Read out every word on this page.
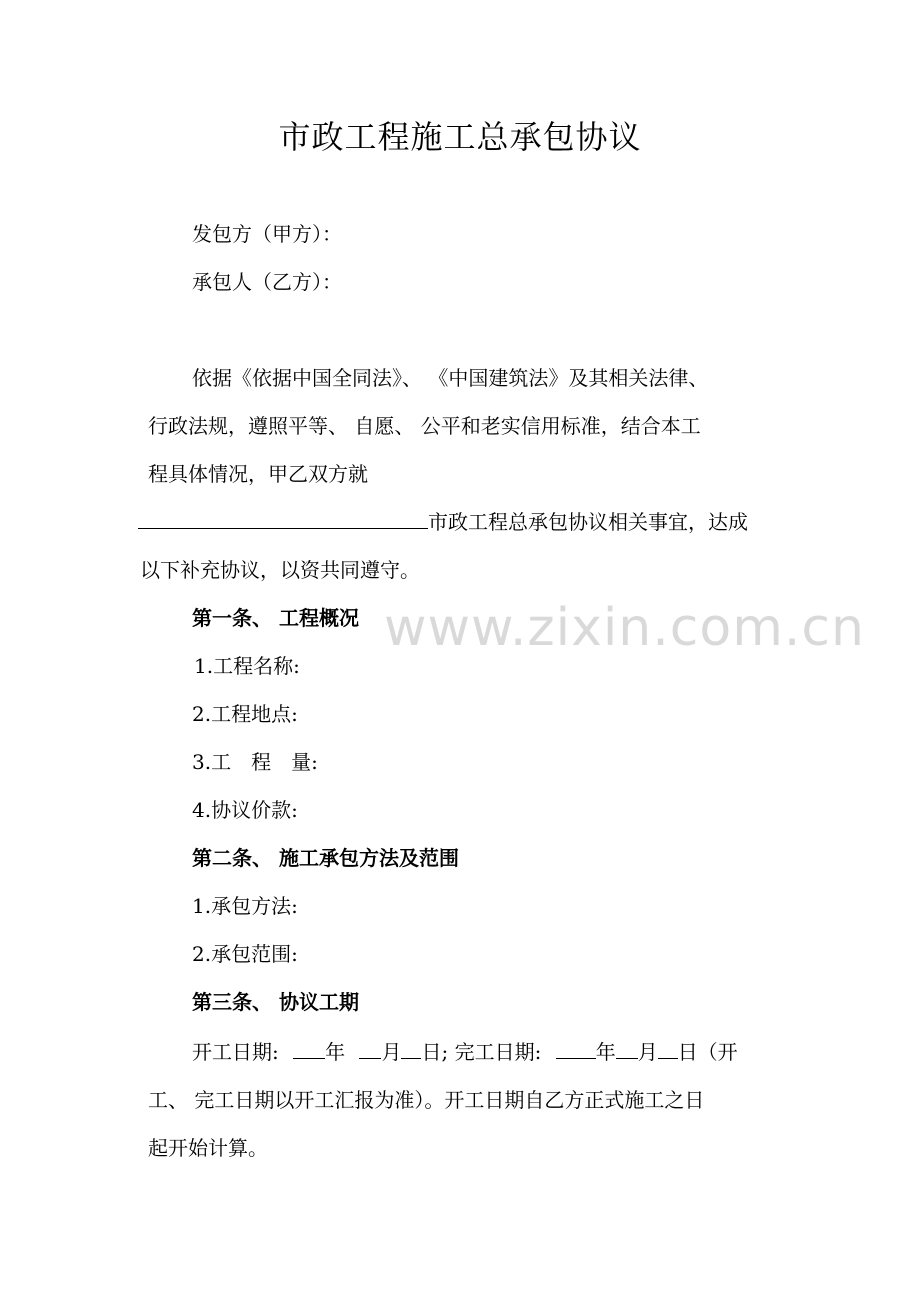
市政工程施工总承包协议
发包方（甲方）：
承包人（乙方）：
依据《依据中国全同法》、 《中国建筑法》及其相关法律、
行政法规，遵照平等、 自愿、 公平和老实信用标准，结合本工
程具体情况，甲乙双方就
市政工程总承包协议相关事宜，达成
以下补充协议，以资共同遵守。
第一条、 工程概况
1.工程名称:
2.工程地点:
3.工　程　量:
4.协议价款:
第二条、 施工承包方法及范围
1.承包方法:
2.承包范围:
第三条、 协议工期
开工日期: 年 月 日; 完工日期:	年 月 日（开
工、 完工日期以开工汇报为准）。开工日期自乙方正式施工之日
起开始计算。
www.zixin.com.cn
